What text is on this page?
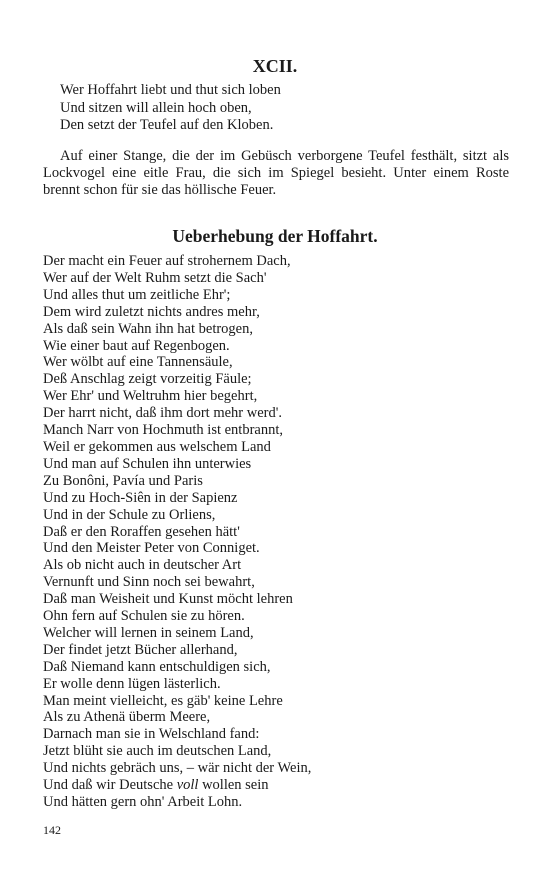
XCII.
Wer Hoffahrt liebt und thut sich loben
Und sitzen will allein hoch oben,
Den setzt der Teufel auf den Kloben.

Auf einer Stange, die der im Gebüsch verborgene Teufel festhält, sitzt als Lockvogel eine eitle Frau, die sich im Spiegel besieht. Unter einem Roste brennt schon für sie das höllische Feuer.

Ueberhebung der Hoffahrt.
Der macht ein Feuer auf strohernem Dach,
Wer auf der Welt Ruhm setzt die Sach'
Und alles thut um zeitliche Ehr';
Dem wird zuletzt nichts andres mehr,
Als daß sein Wahn ihn hat betrogen,
Wie einer baut auf Regenbogen.
Wer wölbt auf eine Tannensäule,
Deß Anschlag zeigt vorzeitig Fäule;
Wer Ehr' und Weltruhm hier begehrt,
Der harrt nicht, daß ihm dort mehr werd'.
Manch Narr von Hochmuth ist entbrannt,
Weil er gekommen aus welschem Land
Und man auf Schulen ihn unterwies
Zu Bonôni, Pavía und Paris
Und zu Hoch-Siên in der Sapienz
Und in der Schule zu Orliens,
Daß er den Roraffen gesehen hätt'
Und den Meister Peter von Conniget.
Als ob nicht auch in deutscher Art
Vernunft und Sinn noch sei bewahrt,
Daß man Weisheit und Kunst möcht lehren
Ohn fern auf Schulen sie zu hören.
Welcher will lernen in seinem Land,
Der findet jetzt Bücher allerhand,
Daß Niemand kann entschuldigen sich,
Er wolle denn lügen lästerlich.
Man meint vielleicht, es gäb' keine Lehre
Als zu Athenä überm Meere,
Darnach man sie in Welschland fand:
Jetzt blüht sie auch im deutschen Land,
Und nichts gebräch uns, – wär nicht der Wein,
Und daß wir Deutsche voll wollen sein
Und hätten gern ohn' Arbeit Lohn.
142
